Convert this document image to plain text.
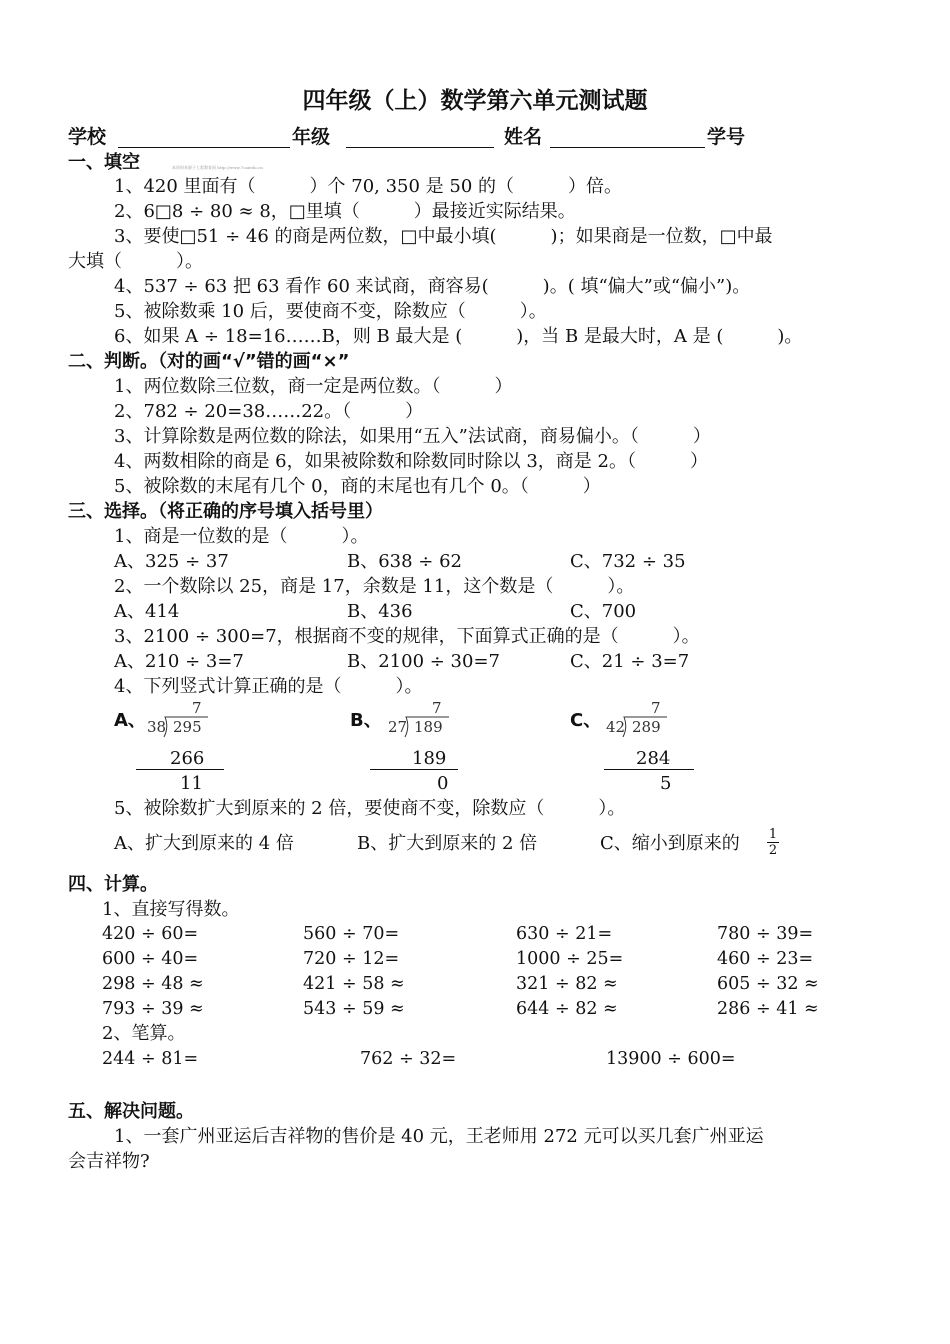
四年级（上）数学第六单元测试题
学校	年级	姓名	学号
一、填空	本资料来源于七彩教育网 http://www.7caiedu.cn
1、420 里面有（　　　）个 70, 350 是 50 的（　　　）倍。
2、6□8 ÷ 80 ≈ 8，□里填（　　　）最接近实际结果。
3、要使□51 ÷ 46 的商是两位数，□中最小填(　　　)；如果商是一位数，□中最
大填（　　　）。
4、537 ÷ 63 把 63 看作 60 来试商，商容易(　　　)。( 填“偏大”或“偏小”)。
5、被除数乘 10 后，要使商不变，除数应（　　　）。
6、如果 A ÷ 18=16……B，则 B 最大是 (　　　)，当 B 是最大时，A 是 (　　　)。
二、判断。（对的画“√”错的画“×”
1、两位数除三位数，商一定是两位数。（　　　）
2、782 ÷ 20=38……22。（　　　）
3、计算除数是两位数的除法，如果用“五入”法试商，商易偏小。（　　　）
4、两数相除的商是 6，如果被除数和除数同时除以 3，商是 2。（　　　）
5、被除数的末尾有几个 0，商的末尾也有几个 0。（　　　）
三、选择。（将正确的序号填入括号里）
1、商是一位数的是（　　　）。
A、325 ÷ 37	B、638 ÷ 62	C、732 ÷ 35
2、一个数除以 25，商是 17，余数是 11，这个数是（　　　）。
A、414	B、436	C、700
3、2100 ÷ 300=7，根据商不变的规律，下面算式正确的是（　　　）。
A、210 ÷ 3=7	B、2100 ÷ 30=7	C、21 ÷ 3=7
4、下列竖式计算正确的是（　　　）。
A、
7
38 295
266
11
B、
7
27 189
189
0
C、
7
42 289
284
5
5、被除数扩大到原来的 2 倍，要使商不变，除数应（　　　）。
A、扩大到原来的 4 倍	B、扩大到原来的 2 倍	C、缩小到原来的 1
2
四、计算。
1、直接写得数。
420 ÷ 60=	560 ÷ 70=	630 ÷ 21=	780 ÷ 39=
600 ÷ 40=	720 ÷ 12=	1000 ÷ 25=	460 ÷ 23=
298 ÷ 48 ≈	421 ÷ 58 ≈	321 ÷ 82 ≈	605 ÷ 32 ≈
793 ÷ 39 ≈	543 ÷ 59 ≈	644 ÷ 82 ≈	286 ÷ 41 ≈
2、笔算。
244 ÷ 81=	762 ÷ 32=	13900 ÷ 600=
五、解决问题。
1、一套广州亚运后吉祥物的售价是 40 元，王老师用 272 元可以买几套广州亚运
会吉祥物?
